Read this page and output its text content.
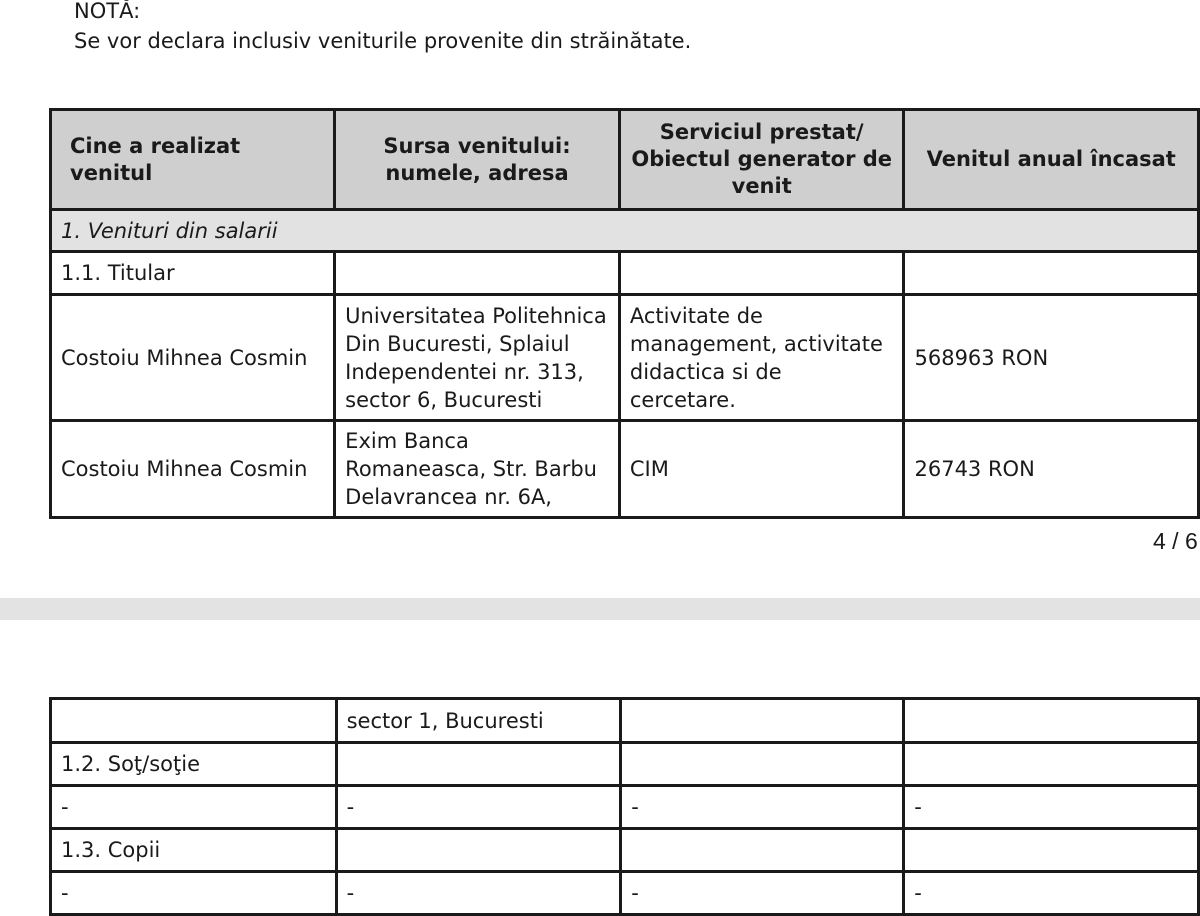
NOTĂ:
Se vor declara inclusiv veniturile provenite din străinătate.
Cine a realizat venitul	Sursa venitului: numele, adresa	Serviciul prestat/ Obiectul generator de venit	Venitul anual încasat
1. Venituri din salarii			
1.1. Titular			
Costoiu Mihnea Cosmin	Universitatea Politehnica Din Bucuresti, Splaiul Independentei nr. 313, sector 6, Bucuresti	Activitate de management, activitate didactica si de cercetare.	568963 RON
Costoiu Mihnea Cosmin	Exim Banca Romaneasca, Str. Barbu Delavrancea nr. 6A,	CIM	26743 RON
4 / 6
	sector 1, Bucuresti		
1.2. Soţ/soţie			
-	-	-	-
1.3. Copii			
-	-	-	-
